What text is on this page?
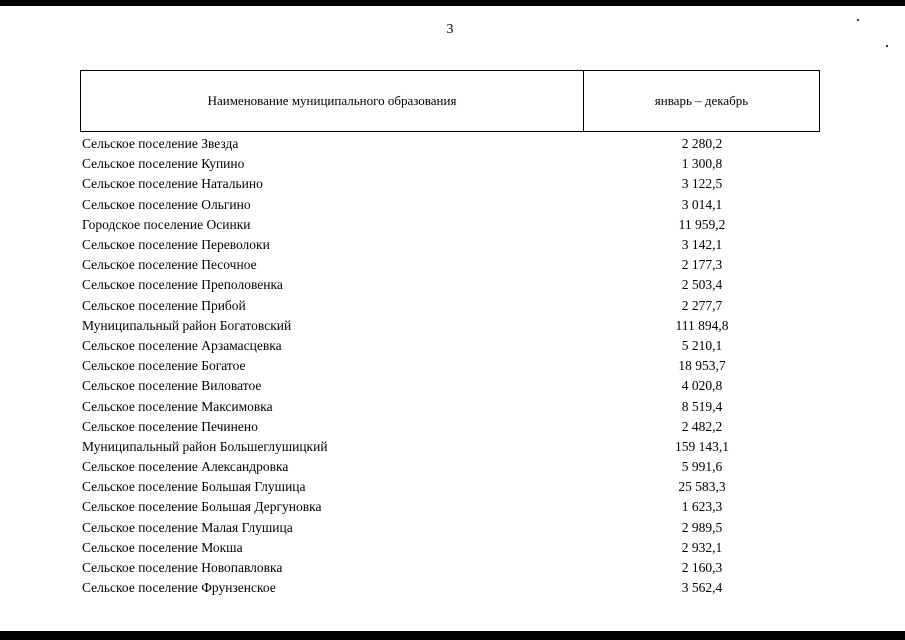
3
Наименование муниципального образования	январь – декабрь
Сельское поселение Звезда	2 280,2
Сельское поселение Купино	1 300,8
Сельское поселение Натальино	3 122,5
Сельское поселение Ольгино	3 014,1
Городское поселение Осинки	11 959,2
Сельское поселение Переволоки	3 142,1
Сельское поселение Песочное	2 177,3
Сельское поселение Преполовенка	2 503,4
Сельское поселение Прибой	2 277,7
Муниципальный район Богатовский	111 894,8
Сельское поселение Арзамасцевка	5 210,1
Сельское поселение Богатое	18 953,7
Сельское поселение Виловатое	4 020,8
Сельское поселение Максимовка	8 519,4
Сельское поселение Печинено	2 482,2
Муниципальный район Большеглушицкий	159 143,1
Сельское поселение Александровка	5 991,6
Сельское поселение Большая Глушица	25 583,3
Сельское поселение Большая Дергуновка	1 623,3
Сельское поселение Малая Глушица	2 989,5
Сельское поселение Мокша	2 932,1
Сельское поселение Новопавловка	2 160,3
Сельское поселение Фрунзенское	3 562,4
